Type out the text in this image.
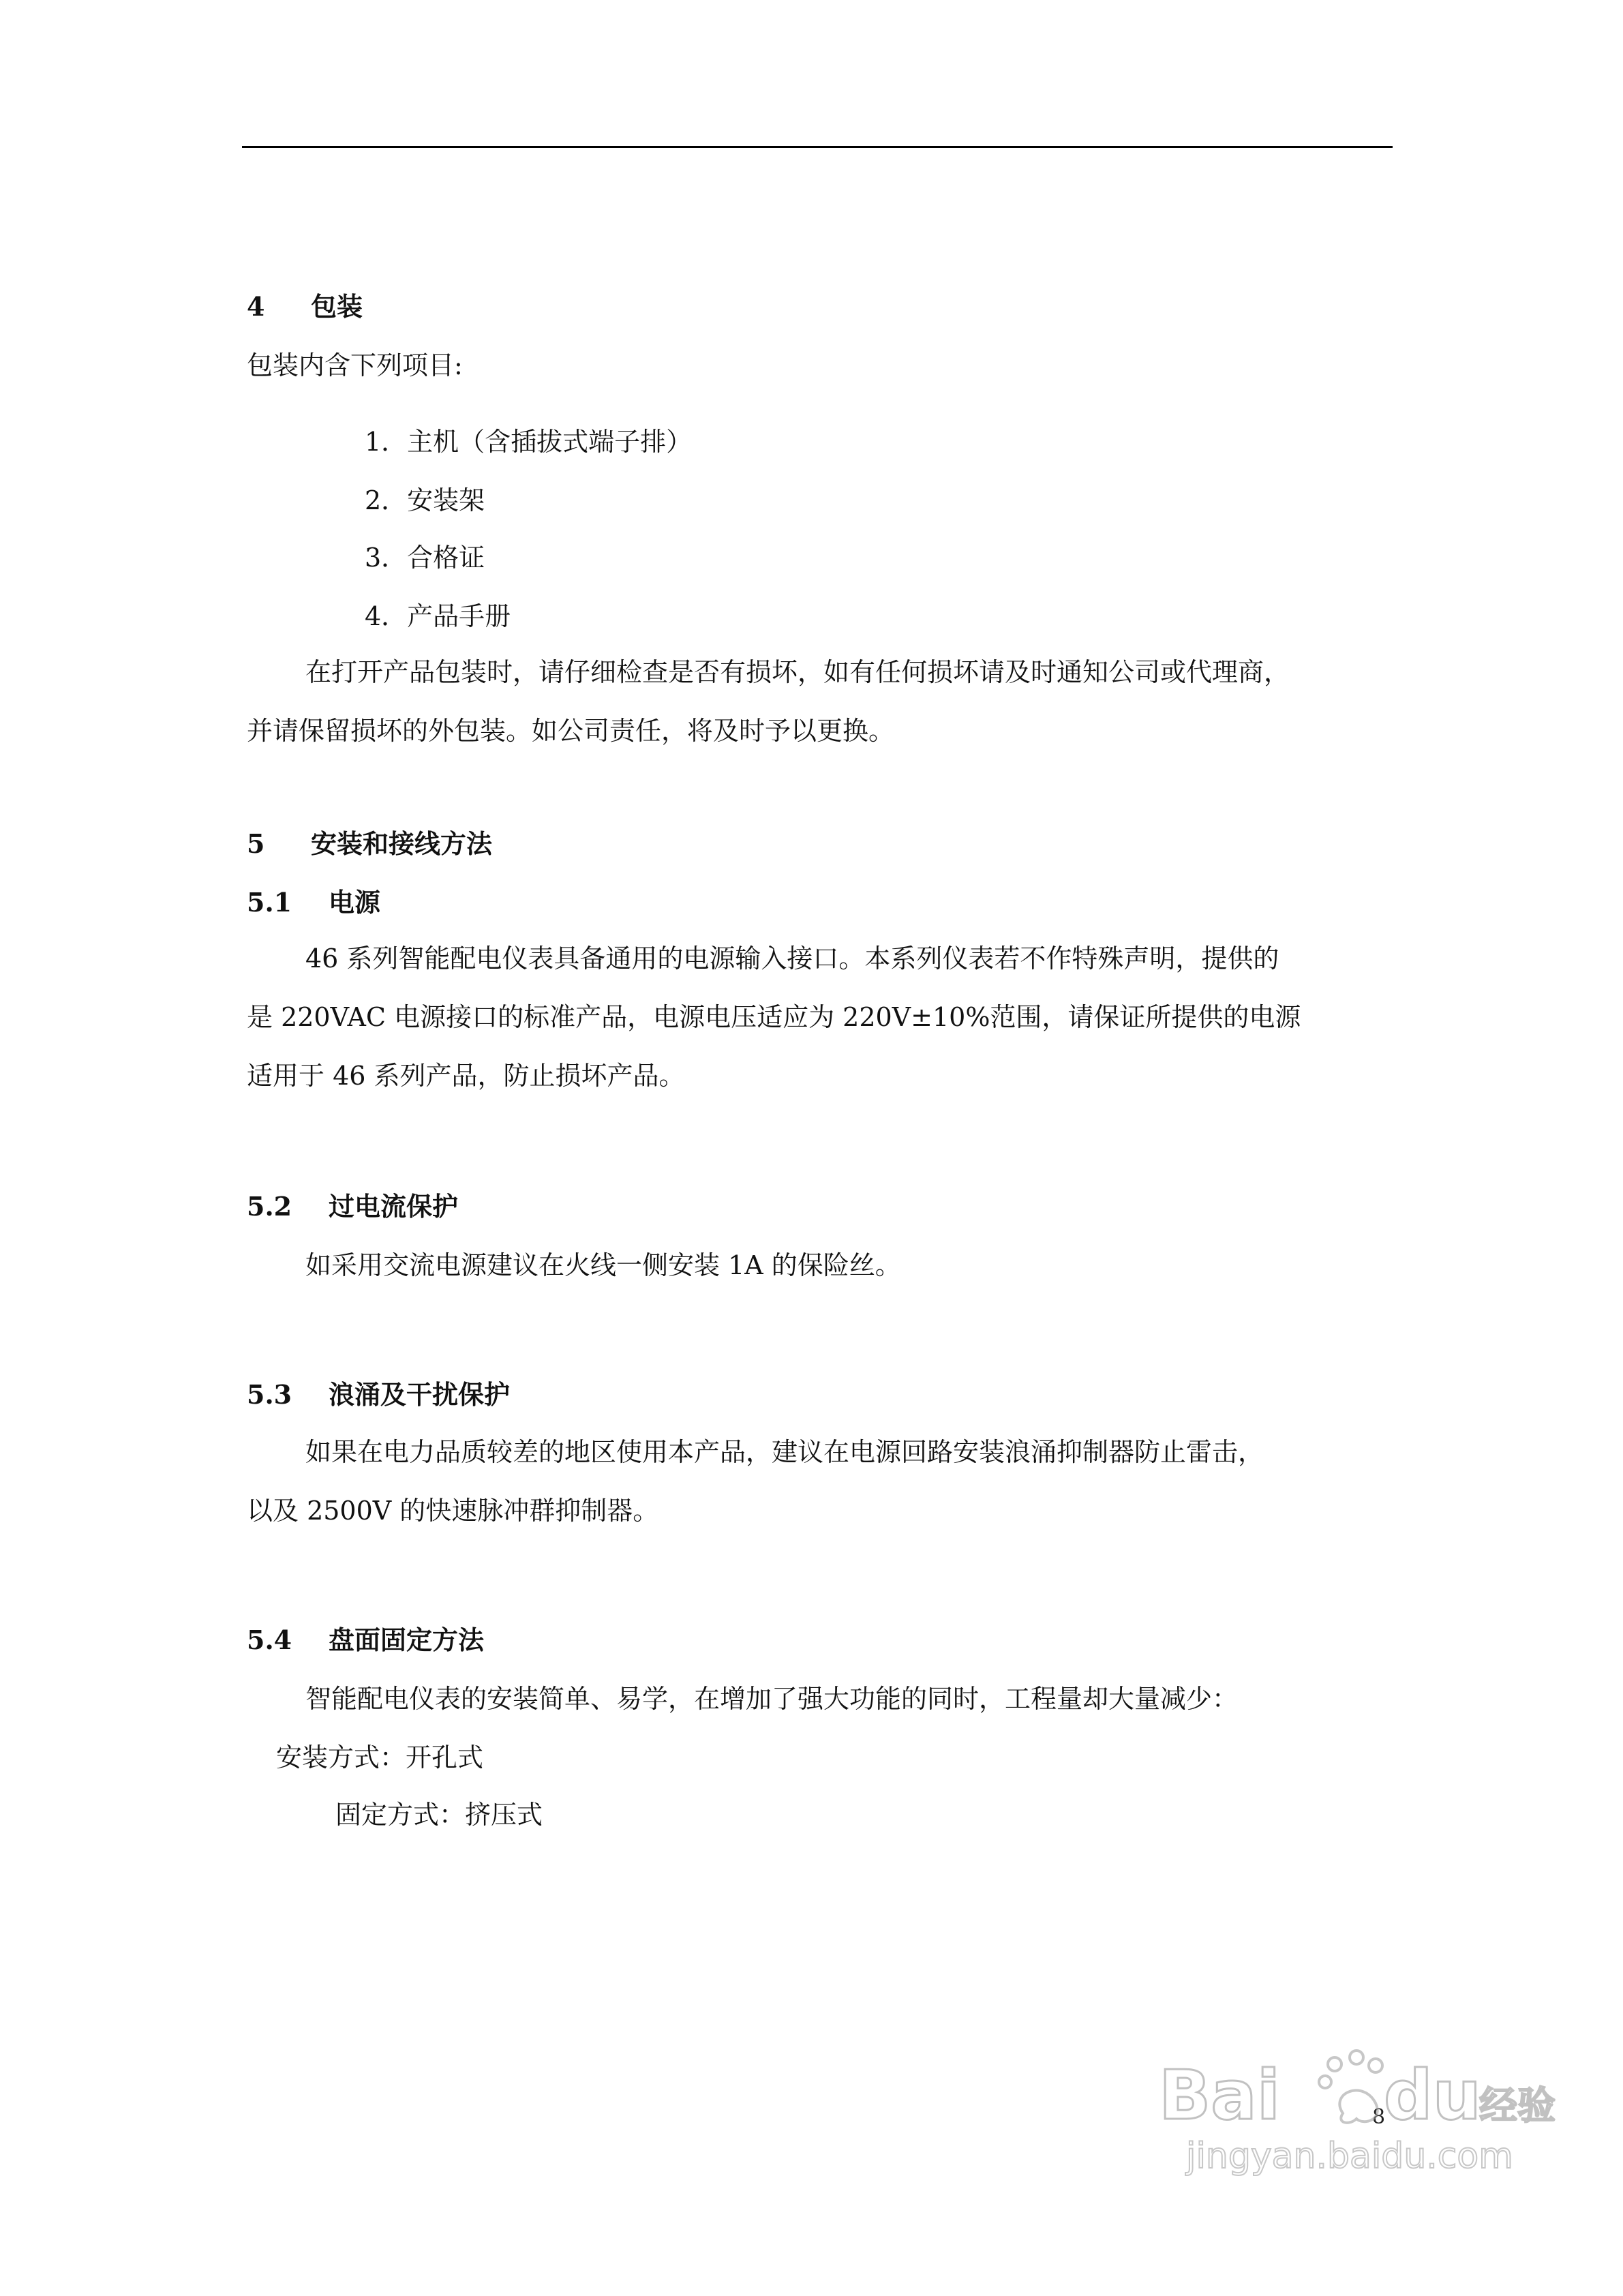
4 包装
包装内含下列项目:
1．主机（含插拔式端子排）
2．安装架
3．合格证
4．产品手册
在打开产品包装时，请仔细检查是否有损坏，如有任何损坏请及时通知公司或代理商，
并请保留损坏的外包装。如公司责任，将及时予以更换。
5 安装和接线方法
5.1 电源
46 系列智能配电仪表具备通用的电源输入接口。本系列仪表若不作特殊声明，提供的
是 220VAC 电源接口的标准产品，电源电压适应为 220V±10%范围，请保证所提供的电源
适用于 46 系列产品，防止损坏产品。
5.2 过电流保护
如采用交流电源建议在火线一侧安装 1A 的保险丝。
5.3 浪涌及干扰保护
如果在电力品质较差的地区使用本产品，建议在电源回路安装浪涌抑制器防止雷击，
以及 2500V 的快速脉冲群抑制器。
5.4 盘面固定方法
智能配电仪表的安装简单、易学，在增加了强大功能的同时，工程量却大量减少：
安装方式：开孔式
固定方式：挤压式
8
Bai du
经验
jingyan.baidu.com
